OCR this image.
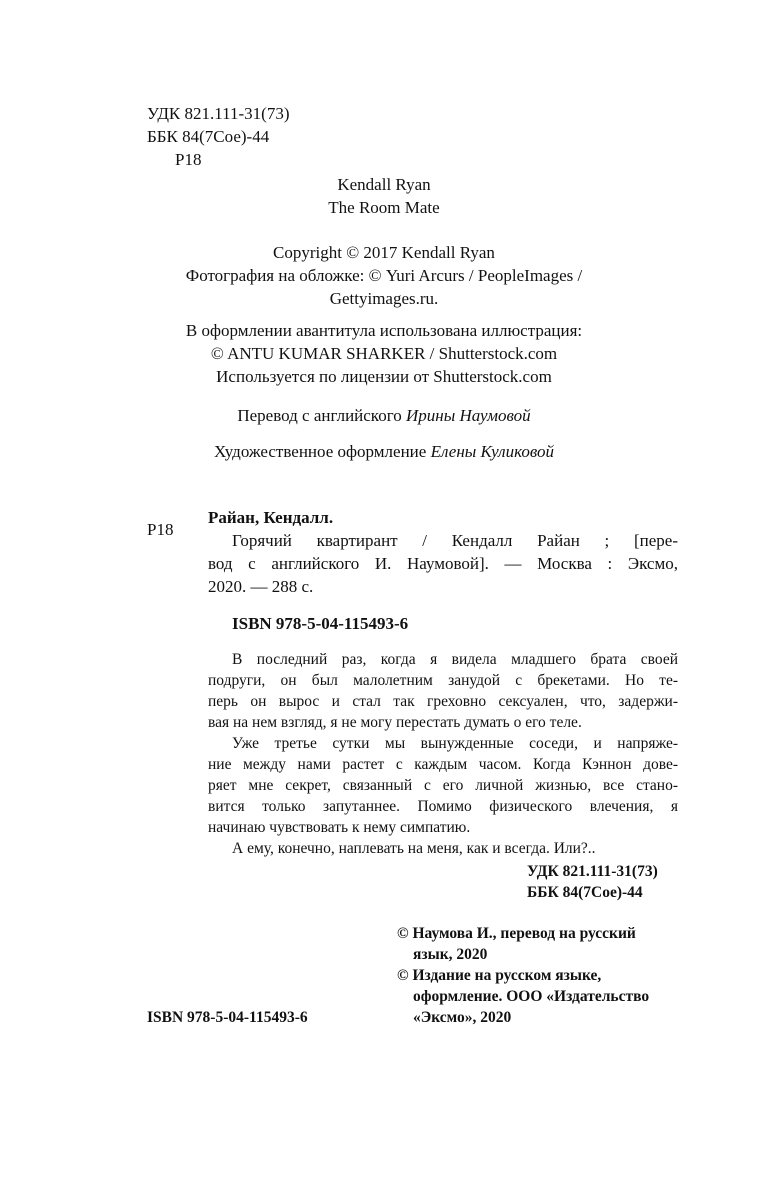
УДК 821.111-31(73)
ББК 84(7Сое)-44
Р18
Kendall Ryan
The Room Mate
Copyright © 2017 Kendall Ryan
Фотография на обложке: © Yuri Arcurs / PeopleImages /
Gettyimages.ru.
В оформлении авантитула использована иллюстрация:
© ANTU KUMAR SHARKER / Shutterstock.com
Используется по лицензии от Shutterstock.com
Перевод с английского Ирины Наумовой
Художественное оформление Елены Куликовой
Р18
Райан, Кендалл.
Горячий квартирант / Кендалл Райан ; [пере-
вод с английского И. Наумовой]. — Москва : Эксмо,
2020. — 288 с.
ISBN 978-5-04-115493-6
В последний раз, когда я видела младшего брата своей
подруги, он был малолетним занудой с брекетами. Но те-
перь он вырос и стал так греховно сексуален, что, задержи-
вая на нем взгляд, я не могу перестать думать о его теле.
Уже третье сутки мы вынужденные соседи, и напряже-
ние между нами растет с каждым часом. Когда Кэннон дове-
ряет мне секрет, связанный с его личной жизнью, все стано-
вится только запутаннее. Помимо физического влечения, я
начинаю чувствовать к нему симпатию.
А ему, конечно, наплевать на меня, как и всегда. Или?..
УДК 821.111-31(73)
ББК 84(7Сое)-44
© Наумова И., перевод на русский
язык, 2020
© Издание на русском языке,
оформление. ООО «Издательство
«Эксмо», 2020
ISBN 978-5-04-115493-6
